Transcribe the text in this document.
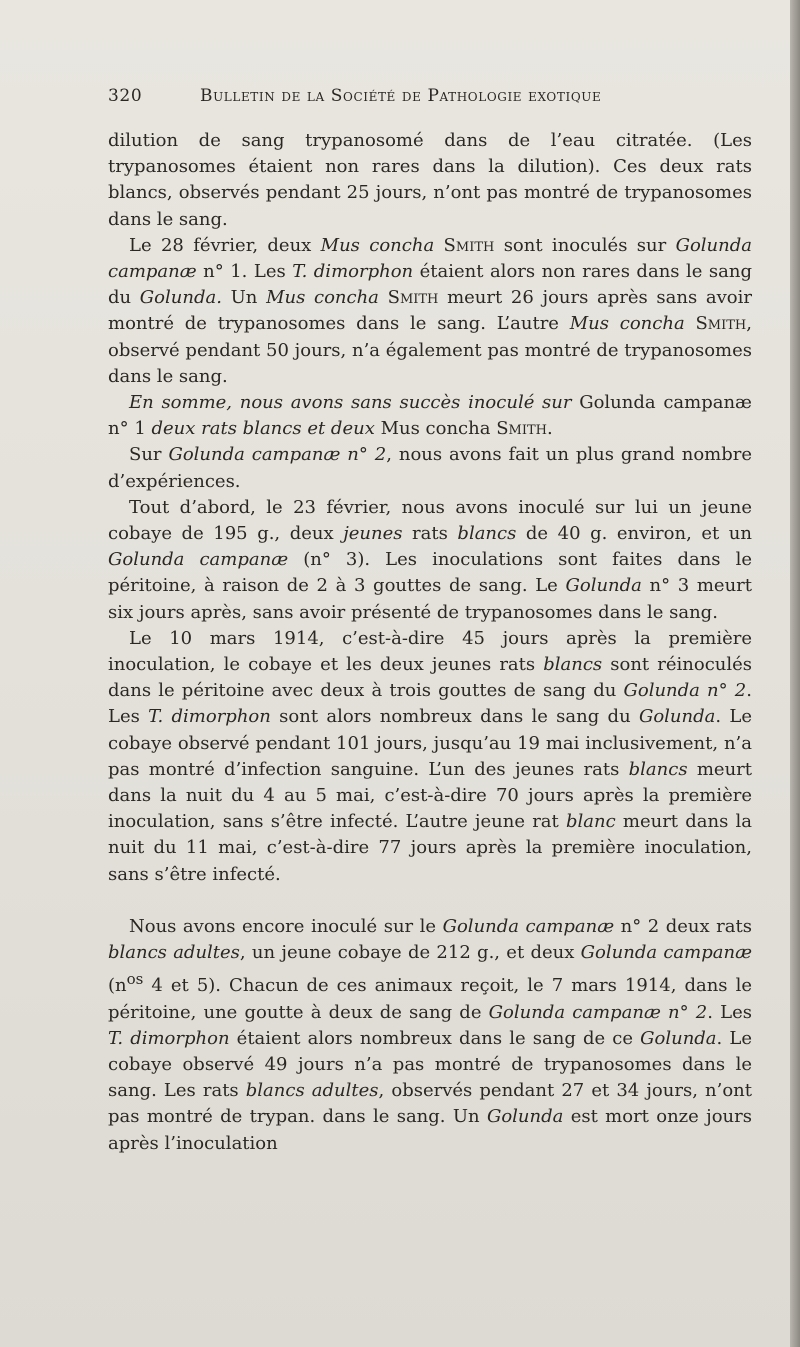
320	Bulletin de la Société de Pathologie exotique

dilution de sang trypanosomé dans de l’eau citratée. (Les trypanosomes étaient non rares dans la dilution). Ces deux rats blancs, observés pendant 25 jours, n’ont pas montré de trypanosomes dans le sang.

Le 28 février, deux Mus concha Smith sont inoculés sur Golunda campanæ n° 1. Les T. dimorphon étaient alors non rares dans le sang du Golunda. Un Mus concha Smith meurt 26 jours après sans avoir montré de trypanosomes dans le sang. L’autre Mus concha Smith, observé pendant 50 jours, n’a également pas montré de trypanosomes dans le sang.

En somme, nous avons sans succès inoculé sur Golunda campanæ n° 1 deux rats blancs et deux Mus concha Smith.

Sur Golunda campanæ n° 2, nous avons fait un plus grand nombre d’expériences.

Tout d’abord, le 23 février, nous avons inoculé sur lui un jeune cobaye de 195 g., deux jeunes rats blancs de 40 g. environ, et un Golunda campanæ (n° 3). Les inoculations sont faites dans le péritoine, à raison de 2 à 3 gouttes de sang. Le Golunda n° 3 meurt six jours après, sans avoir présenté de trypanosomes dans le sang.

Le 10 mars 1914, c’est-à-dire 45 jours après la première inoculation, le cobaye et les deux jeunes rats blancs sont réinoculés dans le péritoine avec deux à trois gouttes de sang du Golunda n° 2. Les T. dimorphon sont alors nombreux dans le sang du Golunda. Le cobaye observé pendant 101 jours, jusqu’au 19 mai inclusivement, n’a pas montré d’infection sanguine. L’un des jeunes rats blancs meurt dans la nuit du 4 au 5 mai, c’est-à-dire 70 jours après la première inoculation, sans s’être infecté. L’autre jeune rat blanc meurt dans la nuit du 11 mai, c’est-à-dire 77 jours après la première inoculation, sans s’être infecté.

Nous avons encore inoculé sur le Golunda campanæ n° 2 deux rats blancs adultes, un jeune cobaye de 212 g., et deux Golunda campanæ ($n^{os}$ 4 et 5). Chacun de ces animaux reçoit, le 7 mars 1914, dans le péritoine, une goutte à deux de sang de Golunda campanæ n° 2. Les T. dimorphon étaient alors nombreux dans le sang de ce Golunda. Le cobaye observé 49 jours n’a pas montré de trypanosomes dans le sang. Les rats blancs adultes, observés pendant 27 et 34 jours, n’ont pas montré de trypan. dans le sang. Un Golunda est mort onze jours après l’inoculation
